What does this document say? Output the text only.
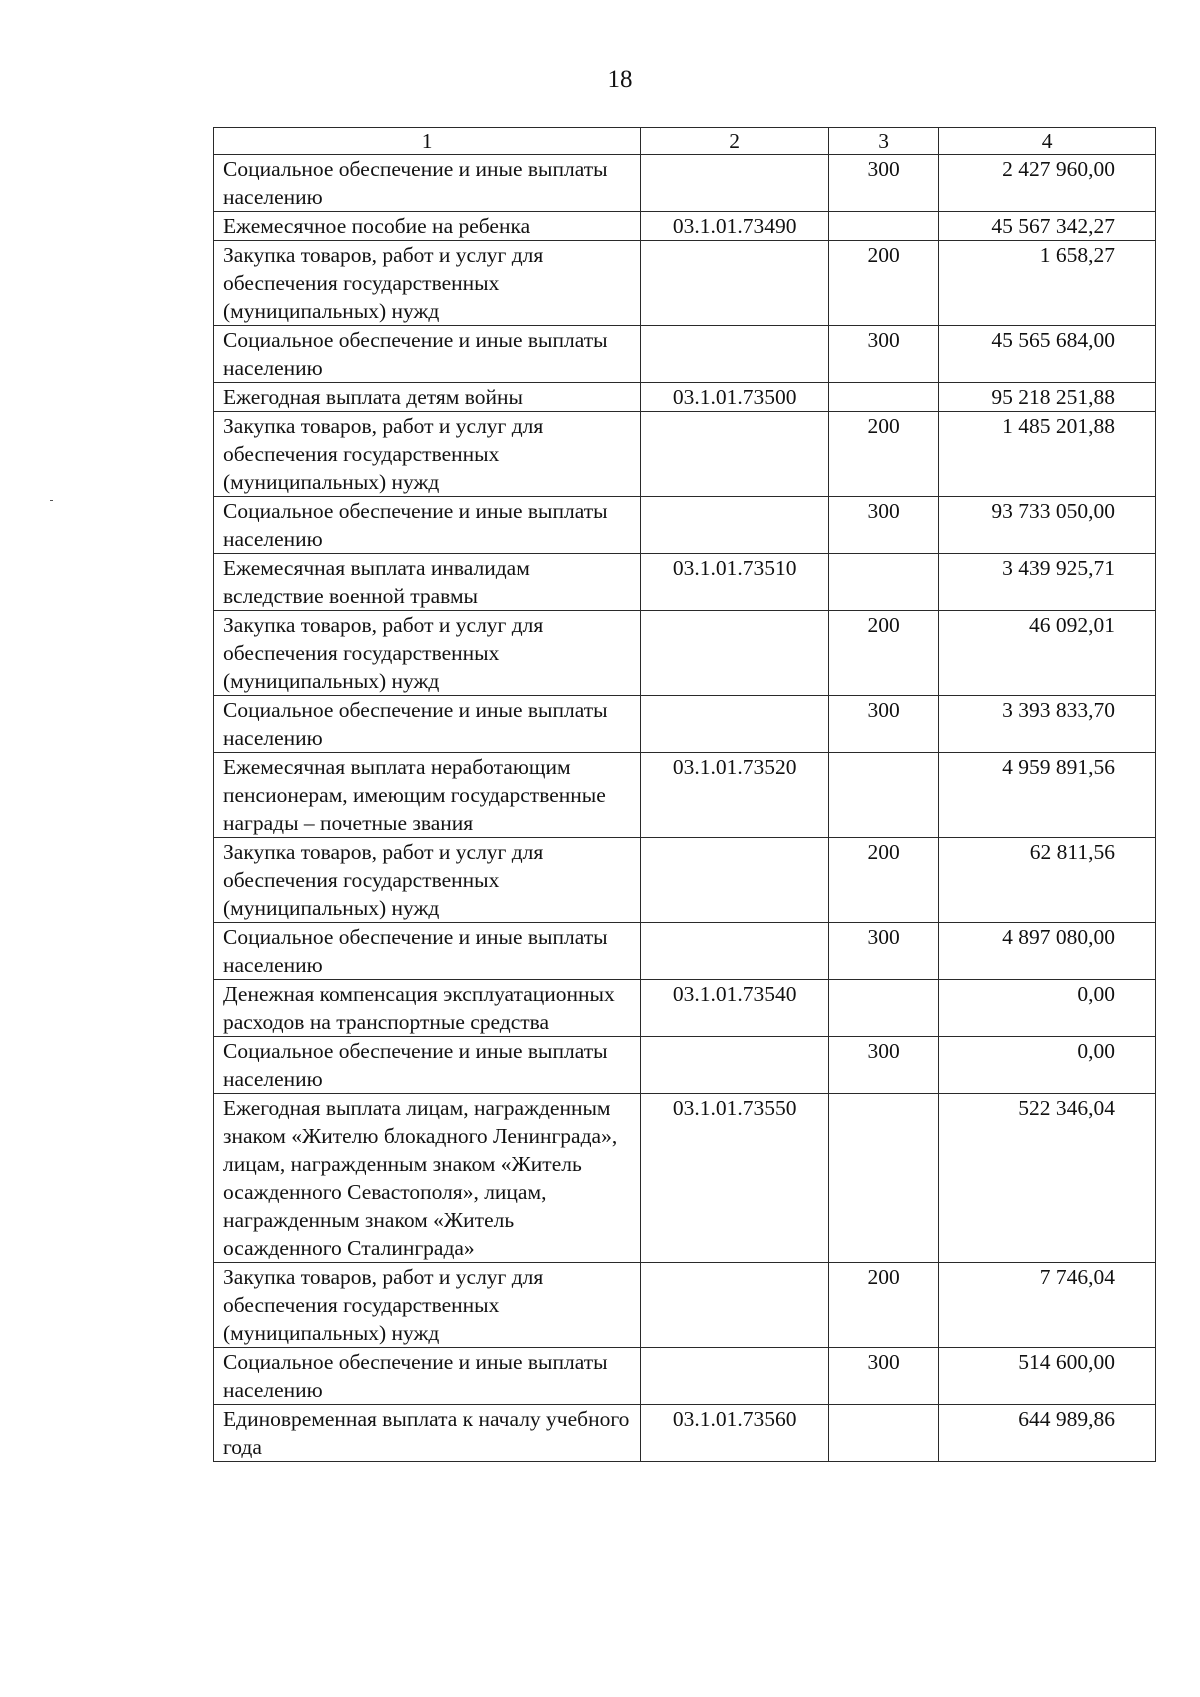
18
1	2	3	4
Социальное обеспечение и иные выплаты населению		300	2 427 960,00
Ежемесячное пособие на ребенка	03.1.01.73490		45 567 342,27
Закупка товаров, работ и услуг для обеспечения государственных (муниципальных) нужд		200	1 658,27
Социальное обеспечение и иные выплаты населению		300	45 565 684,00
Ежегодная выплата детям войны	03.1.01.73500		95 218 251,88
Закупка товаров, работ и услуг для обеспечения государственных (муниципальных) нужд		200	1 485 201,88
Социальное обеспечение и иные выплаты населению		300	93 733 050,00
Ежемесячная выплата инвалидам вследствие военной травмы	03.1.01.73510		3 439 925,71
Закупка товаров, работ и услуг для обеспечения государственных (муниципальных) нужд		200	46 092,01
Социальное обеспечение и иные выплаты населению		300	3 393 833,70
Ежемесячная выплата неработающим пенсионерам, имеющим государственные награды – почетные звания	03.1.01.73520		4 959 891,56
Закупка товаров, работ и услуг для обеспечения государственных (муниципальных) нужд		200	62 811,56
Социальное обеспечение и иные выплаты населению		300	4 897 080,00
Денежная компенсация эксплуатационных расходов на транспортные средства	03.1.01.73540		0,00
Социальное обеспечение и иные выплаты населению		300	0,00
Ежегодная выплата лицам, награжденным знаком «Жителю блокадного Ленинграда», лицам, награжденным знаком «Житель осажденного Севастополя», лицам, награжденным знаком «Житель осажденного Сталинграда»	03.1.01.73550		522 346,04
Закупка товаров, работ и услуг для обеспечения государственных (муниципальных) нужд		200	7 746,04
Социальное обеспечение и иные выплаты населению		300	514 600,00
Единовременная выплата к началу учебного года	03.1.01.73560		644 989,86
